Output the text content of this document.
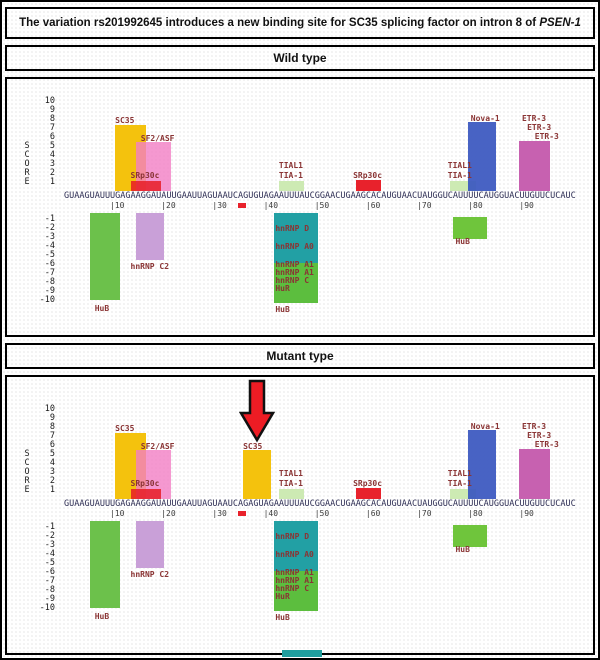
The variation rs201992645 introduces a new binding site for SC35 splicing factor on intron 8 of PSEN-1
Wild type
10
9
8
7
6
5
4
3
2
1
S
C
O
R
E
-1
-2
-3
-4
-5
-6
-7
-8
-9
-10
GUAAGUAUUUGAGAAGGAUAUUGAAUUAGUAAUCAGUGUAGAAUUUAUCGGAACUGAAGCACAUGUAACUAUGGUCAUUUUCAUGGUACUUGUUCUCAUC
|10	|20	|30	|40	|50	|60	|70	|80	|90
SC35
SF2/ASF
SRp30c
TIAL1
TIA-1	SRp30c
TIAL1
TIA-1
Nova-1	ETR-3
ETR-3
ETR-3
HuB
hnRNP C2
hnRNP D
hnRNP A0
hnRNP A1
hnRNP A1
hnRNP C
HuR
HuB
HuB
Mutant type
10
9
8
7
6
5
4
3
2
1
S
C
O
R
E
-1
-2
-3
-4
-5
-6
-7
-8
-9
-10
GUAAGUAUUUGAGAAGGAUAUUGAAUUAGUAAUCAGAGUAGAAUUUAUCGGAACUGAAGCACAUGUAACUAUGGUCAUUUUCAUGGUACUUGUUCUCAUC
|10	|20	|30	|40	|50	|60	|70	|80	|90
SC35
SF2/ASF
SRp30c
SC35
TIAL1
TIA-1	SRp30c
TIAL1
TIA-1
Nova-1	ETR-3
ETR-3
ETR-3
HuB
hnRNP C2
hnRNP D
hnRNP A0
hnRNP A1
hnRNP A1
hnRNP C
HuR
HuB
HuB
